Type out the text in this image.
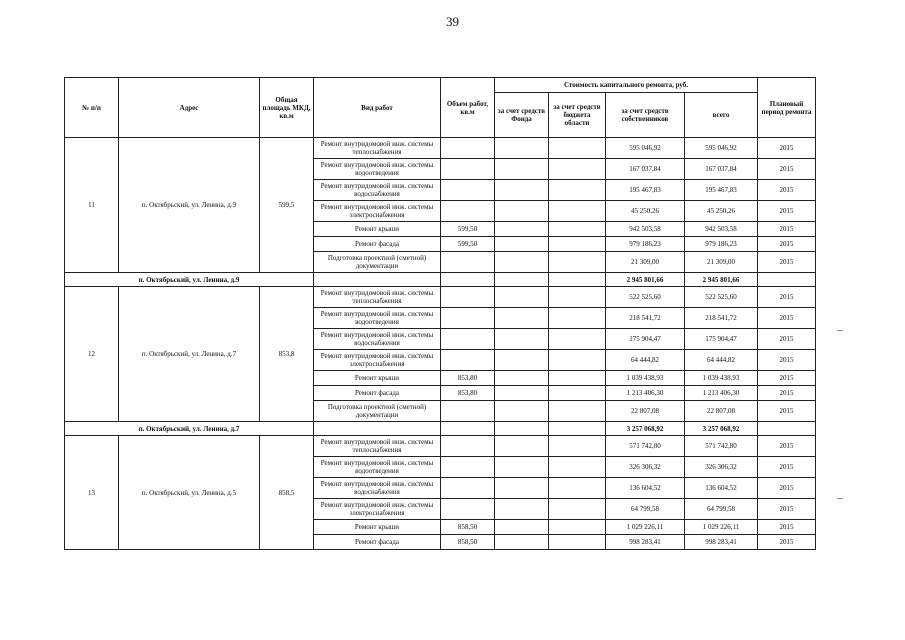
39
№ п/п	Адрес	Общая площадь МКД, кв.м	Вид работ	Объем работ, кв.м	Стоимость капитального ремонта, руб.				Плановый период ремонта
					за счет средств Фонда	за счет средств бюджета области	за счет средств собственников	всего	
11	п. Октябрьский, ул. Ленина, д.9	599,5	Ремонт внутридомовой инж. системы теплоснабжения				595 046,92	595 046,92	2015
			Ремонт внутридомовой инж. системы водоотведения				167 037,84	167 037,84	2015
			Ремонт внутридомовой инж. системы водоснабжения				195 467,83	195 467,83	2015
			Ремонт внутридомовой инж. системы электроснабжения				45 250,26	45 250,26	2015
			Ремонт крыши	599,50			942 503,58	942 503,58	2015
			Ремонт фасада	599,50			979 186,23	979 186,23	2015
			Подготовка проектной (сметной) документации				21 309,00	21 309,00	2015
п. Октябрьский, ул. Ленина, д.9							2 945 801,66	2 945 801,66	
12	п. Октябрьский, ул. Ленина, д.7	853,8	Ремонт внутридомовой инж. системы теплоснабжения				522 525,60	522 525,60	2015
			Ремонт внутридомовой инж. системы водоотведения				218 541,72	218 541,72	2015
			Ремонт внутридомовой инж. системы водоснабжения				175 904,47	175 904,47	2015
			Ремонт внутридомовой инж. системы электроснабжения				64 444,82	64 444,82	2015
			Ремонт крыши	853,80			1 039 438,93	1 039 438,93	2015
			Ремонт фасада	853,80			1 213 406,30	1 213 406,30	2015
			Подготовка проектной (сметной) документации				22 807,08	22 807,08	2015
п. Октябрьский, ул. Ленина, д.7							3 257 068,92	3 257 068,92	
13	п. Октябрьский, ул. Ленина, д.5	858,5	Ремонт внутридомовой инж. системы теплоснабжения				571 742,80	571 742,80	2015
			Ремонт внутридомовой инж. системы водоотведения				326 306,32	326 306,32	2015
			Ремонт внутридомовой инж. системы водоснабжения				136 604,52	136 604,52	2015
			Ремонт внутридомовой инж. системы электроснабжения				64 799,58	64 799,58	2015
			Ремонт крыши	858,50			1 029 226,11	1 029 226,11	2015
			Ремонт фасада	858,50			998 283,41	998 283,41	2015
